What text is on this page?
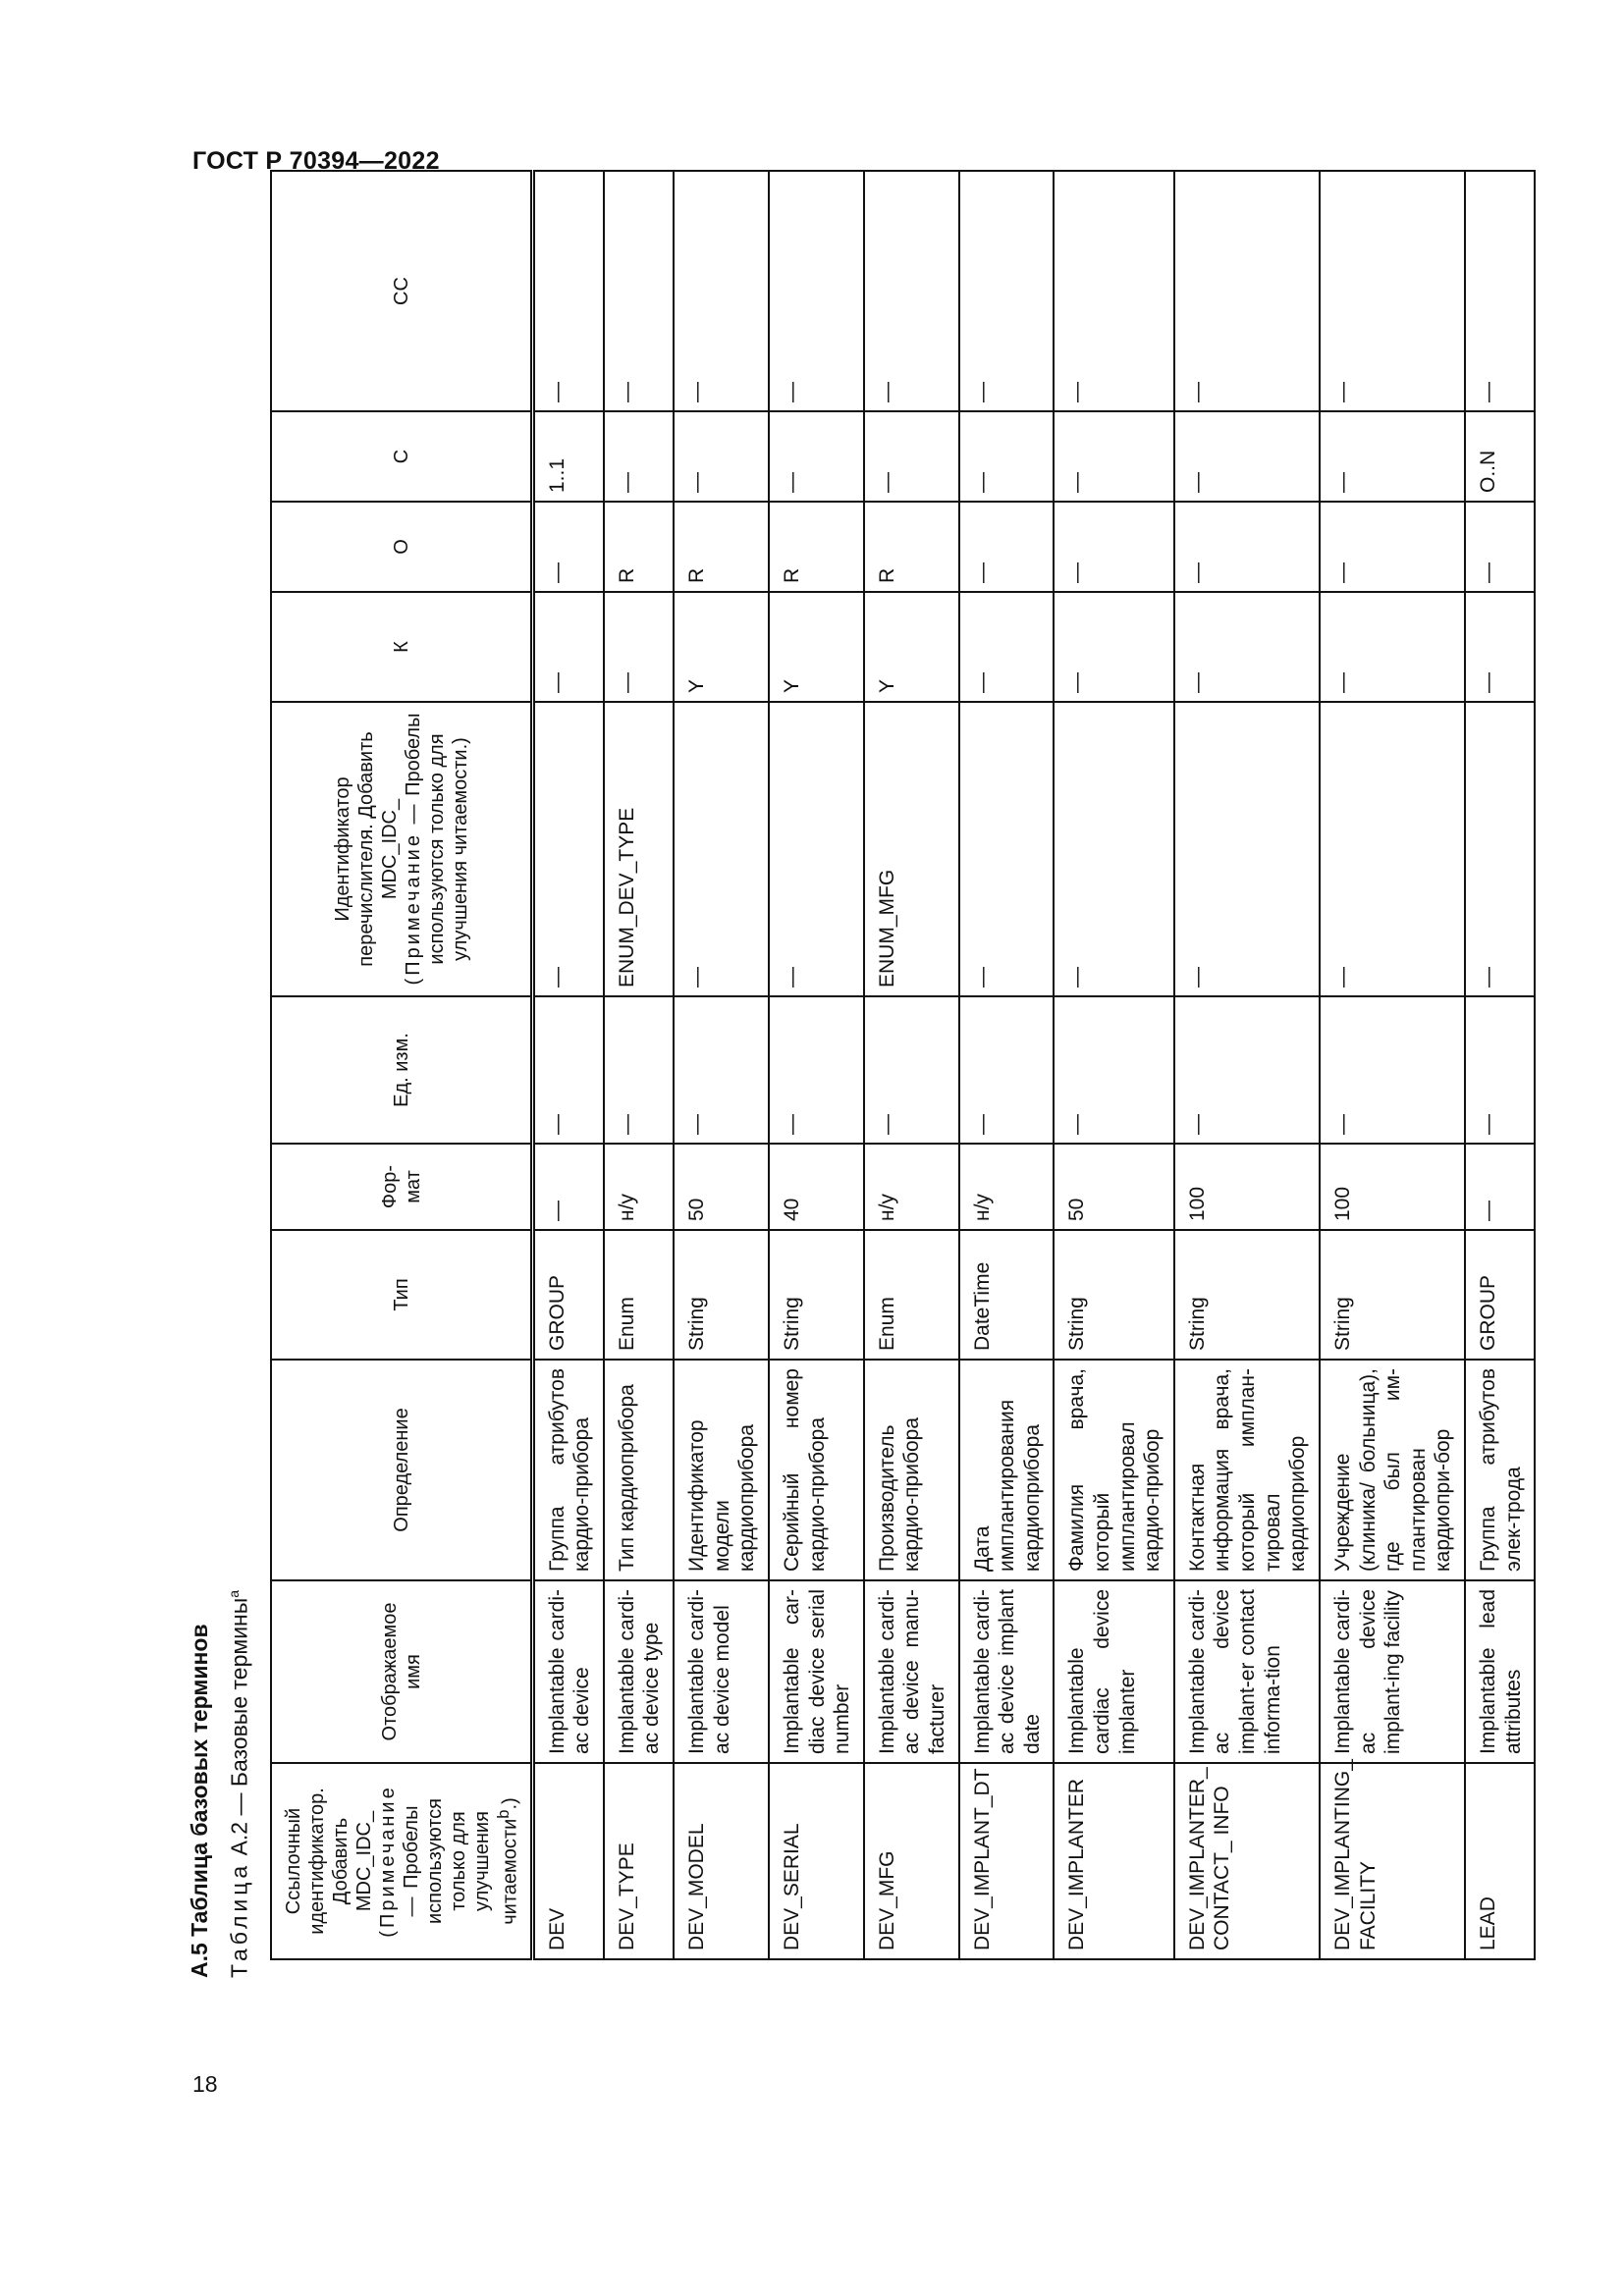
ГОСТ Р 70394—2022
18
А.5 Таблица базовых терминов Таблица А.2 — Базовые термины$^a$
Ссылочный идентификатор. Добавить MDC_IDC_ (Примечание — Пробелы используются только для улучшения читаемости$^b$.)	Отображаемое имя	Определение	Тип	Фор-мат	Ед. изм.	Идентификатор перечислителя. Добавить MDC_IDC_ (Примечание — Пробелы используются только для улучшения читаемости.)	К	О	С	СС
DEV	Implantable cardi-ac device	Группа атрибутов кардио-прибора	GROUP	—	—	—	—	—	1..1	—
DEV_TYPE	Implantable cardi-ac device type	Тип кардиоприбора	Enum	н/у	—	ENUM_DEV_TYPE	—	R	—	—
DEV_MODEL	Implantable cardi-ac device model	Идентификатор модели кардиоприбора	String	50	—	—	Y	R	—	—
DEV_SERIAL	Implantable car-diac device serial number	Серийный номер кардио-прибора	String	40	—	—	Y	R	—	—
DEV_MFG	Implantable cardi-ac device manu-facturer	Производитель кардио-прибора	Enum	н/у	—	ENUM_MFG	Y	R	—	—
DEV_IMPLANT_DT	Implantable cardi-ac device implant date	Дата имплантирования кардиоприбора	DateTime	н/у	—	—	—	—	—	—
DEV_IMPLANTER	Implantable cardiac device implanter	Фамилия врача, который имплантировал кардио-прибор	String	50	—	—	—	—	—	—
DEV_IMPLANTER_ CONTACT_ INFO	Implantable cardi-ac device implant-er contact informa-tion	Контактная информация врача, который имплан-тировал кардиоприбор	String	100	—	—	—	—	—	—
DEV_IMPLANTING_ FACILITY	Implantable cardi-ac device implant-ing facility	Учреждение (клиника/ больница), где был им-плантирован кардиопри-бор	String	100	—	—	—	—	—	—
LEAD	Implantable lead attributes	Группа атрибутов элек-трода	GROUP	—	—	—	—	—	O..N	—
